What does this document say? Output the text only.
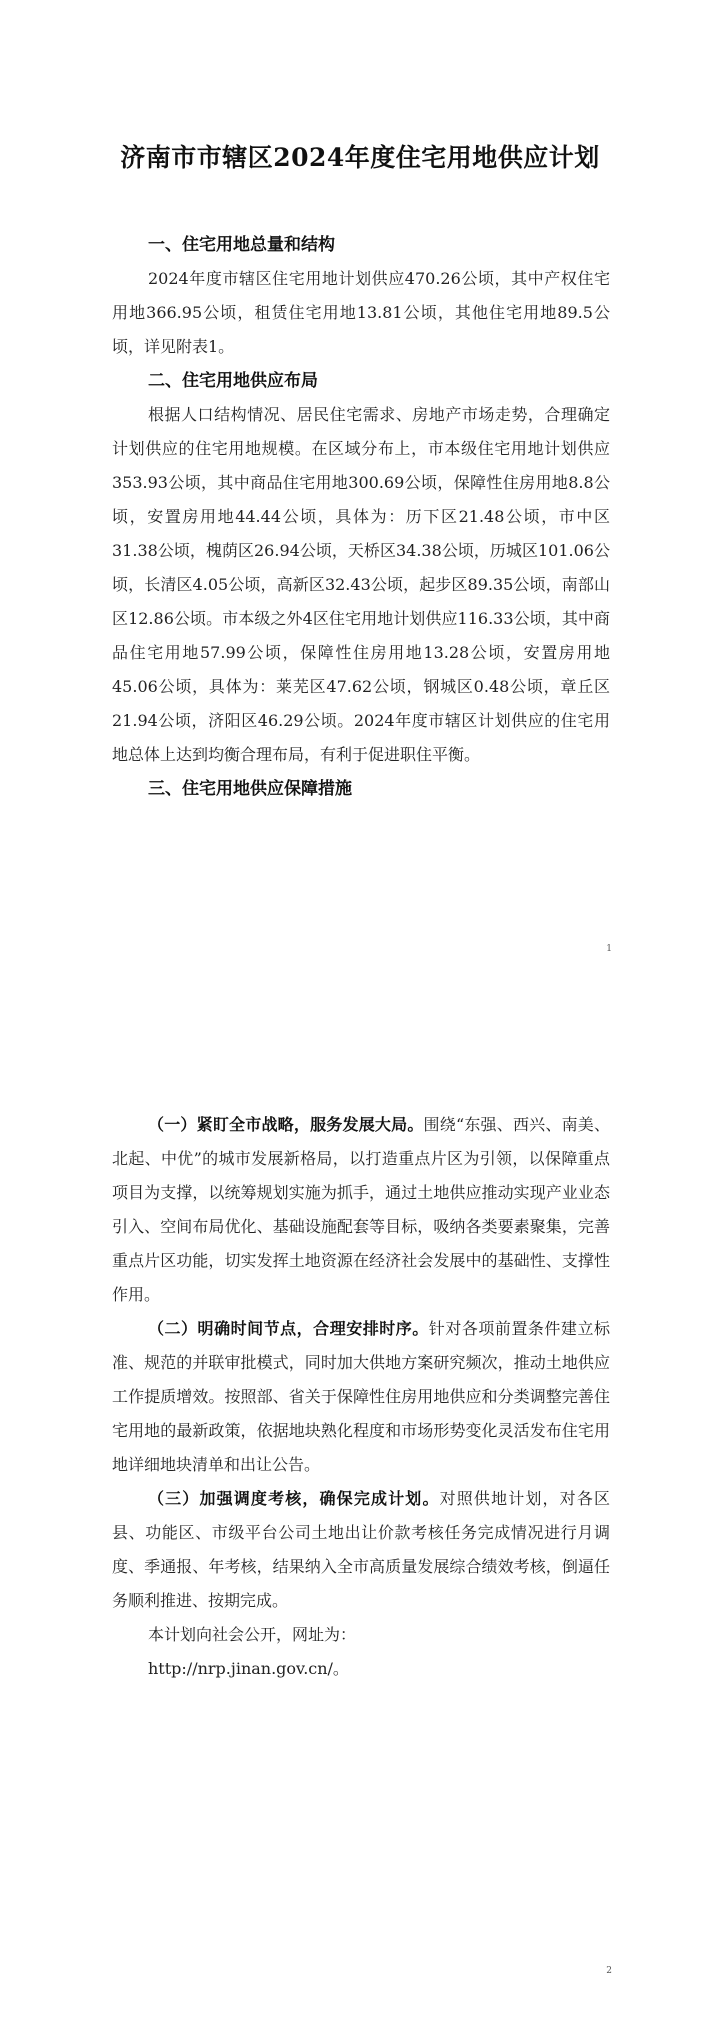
济南市市辖区2024年度住宅用地供应计划

一、住宅用地总量和结构

2024年度市辖区住宅用地计划供应470.26公顷，其中产权住宅用地366.95公顷，租赁住宅用地13.81公顷，其他住宅用地89.5公顷，详见附表1。

二、住宅用地供应布局

根据人口结构情况、居民住宅需求、房地产市场走势，合理确定计划供应的住宅用地规模。在区域分布上，市本级住宅用地计划供应353.93公顷，其中商品住宅用地300.69公顷，保障性住房用地8.8公顷，安置房用地44.44公顷，具体为：历下区21.48公顷，市中区31.38公顷，槐荫区26.94公顷，天桥区34.38公顷，历城区101.06公顷，长清区4.05公顷，高新区32.43公顷，起步区89.35公顷，南部山区12.86公顷。市本级之外4区住宅用地计划供应116.33公顷，其中商品住宅用地57.99公顷，保障性住房用地13.28公顷，安置房用地45.06公顷，具体为：莱芜区47.62公顷，钢城区0.48公顷，章丘区21.94公顷，济阳区46.29公顷。2024年度市辖区计划供应的住宅用地总体上达到均衡合理布局，有利于促进职住平衡。

三、住宅用地供应保障措施

1

（一）紧盯全市战略，服务发展大局。围绕“东强、西兴、南美、北起、中优”的城市发展新格局，以打造重点片区为引领，以保障重点项目为支撑，以统筹规划实施为抓手，通过土地供应推动实现产业业态引入、空间布局优化、基础设施配套等目标，吸纳各类要素聚集，完善重点片区功能，切实发挥土地资源在经济社会发展中的基础性、支撑性作用。

（二）明确时间节点，合理安排时序。针对各项前置条件建立标准、规范的并联审批模式，同时加大供地方案研究频次，推动土地供应工作提质增效。按照部、省关于保障性住房用地供应和分类调整完善住宅用地的最新政策，依据地块熟化程度和市场形势变化灵活发布住宅用地详细地块清单和出让公告。

（三）加强调度考核，确保完成计划。对照供地计划，对各区县、功能区、市级平台公司土地出让价款考核任务完成情况进行月调度、季通报、年考核，结果纳入全市高质量发展综合绩效考核，倒逼任务顺利推进、按期完成。

本计划向社会公开，网址为：

http://nrp.jinan.gov.cn/。

2
